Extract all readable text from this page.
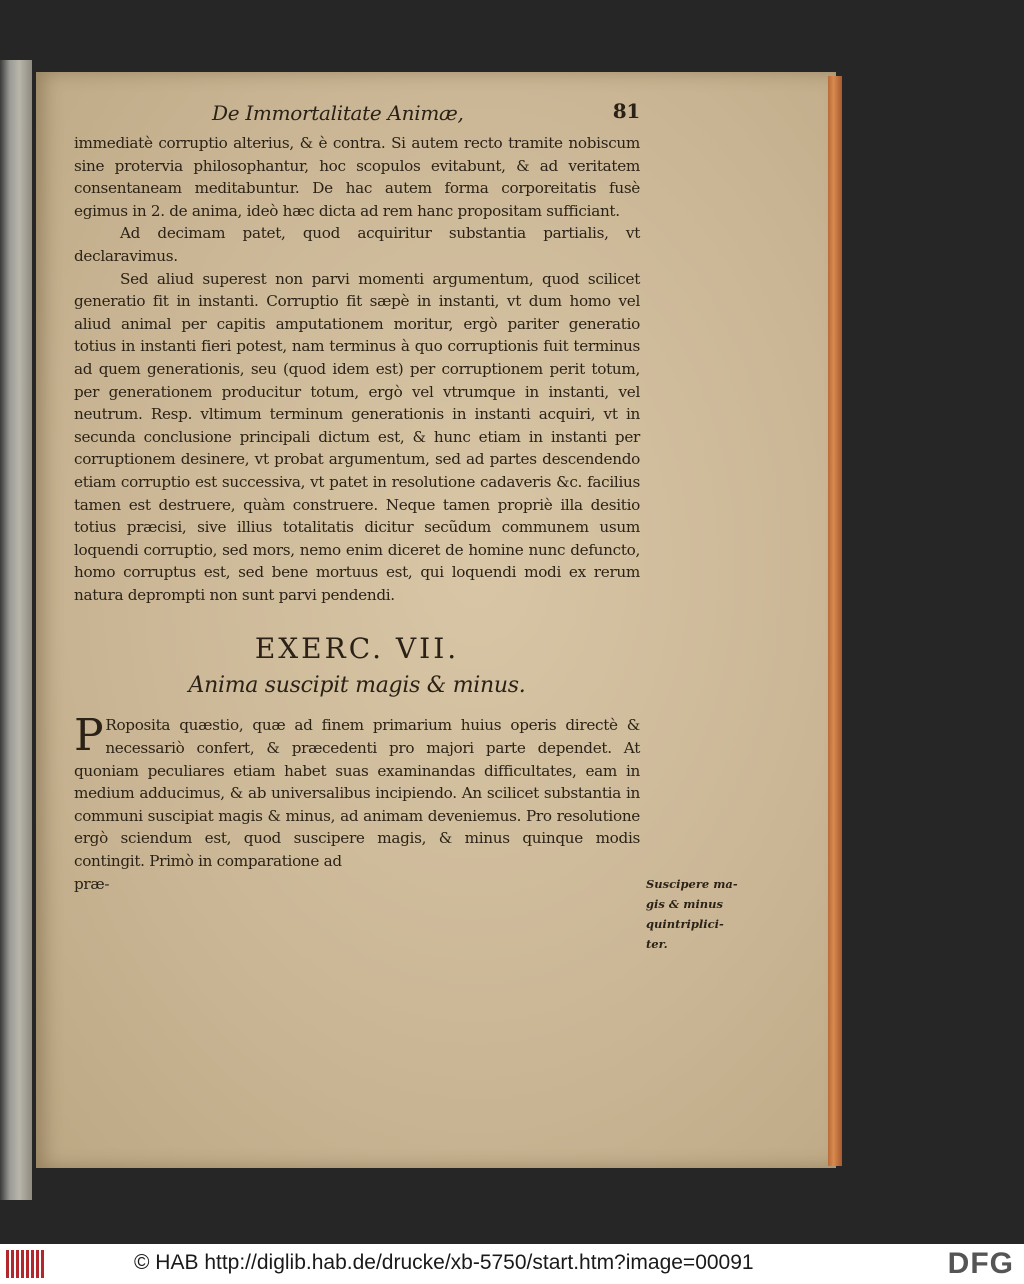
De Immortalitate Animæ,	81

immediatè corruptio alterius, & è contra. Si autem recto tramite nobiscum sine protervia philosophantur, hoc scopulos evitabunt, & ad veritatem consentaneam meditabuntur. De hac autem forma corporeitatis fusè egimus in 2. de anima, ideò hæc dicta ad rem hanc propositam sufficiant.

Ad decimam patet, quod acquiritur substantia partialis, vt declaravimus.

Sed aliud superest non parvi momenti argumentum, quod scilicet generatio fit in instanti. Corruptio fit sæpè in instanti, vt dum homo vel aliud animal per capitis amputationem moritur, ergò pariter generatio totius in instanti fieri potest, nam terminus à quo corruptionis fuit terminus ad quem generationis, seu (quod idem est) per corruptionem perit totum, per generationem producitur totum, ergò vel vtrumque in instanti, vel neutrum. Resp. vltimum terminum generationis in instanti acquiri, vt in secunda conclusione principali dictum est, & hunc etiam in instanti per corruptionem desinere, vt probat argumentum, sed ad partes descendendo etiam corruptio est successiva, vt patet in resolutione cadaveris &c. facilius tamen est destruere, quàm construere. Neque tamen propriè illa desitio totius præcisi, sive illius totalitatis dicitur secũdum communem usum loquendi corruptio, sed mors, nemo enim diceret de homine nunc defuncto, homo corruptus est, sed bene mortuus est, qui loquendi modi ex rerum natura deprompti non sunt parvi pendendi.

EXERC. VII.
Anima suscipit magis & minus.

P Roposita quæstio, quæ ad finem primarium huius operis directè & necessariò confert, & præcedenti pro majori parte dependet. At quoniam peculiares etiam habet suas examinandas difficultates, eam in medium adducimus, & ab universalibus incipiendo. An scilicet substantia in communi suscipiat magis & minus, ad animam deveniemus. Pro resolutione ergò sciendum est, quod suscipere magis, & minus quinque modis contingit. Primò in comparatione ad

præ-	Suscipere ma-
gis & minus
quintriplici-
ter.
© HAB http://diglib.hab.de/drucke/xb-5750/start.htm?image=00091	DFG
